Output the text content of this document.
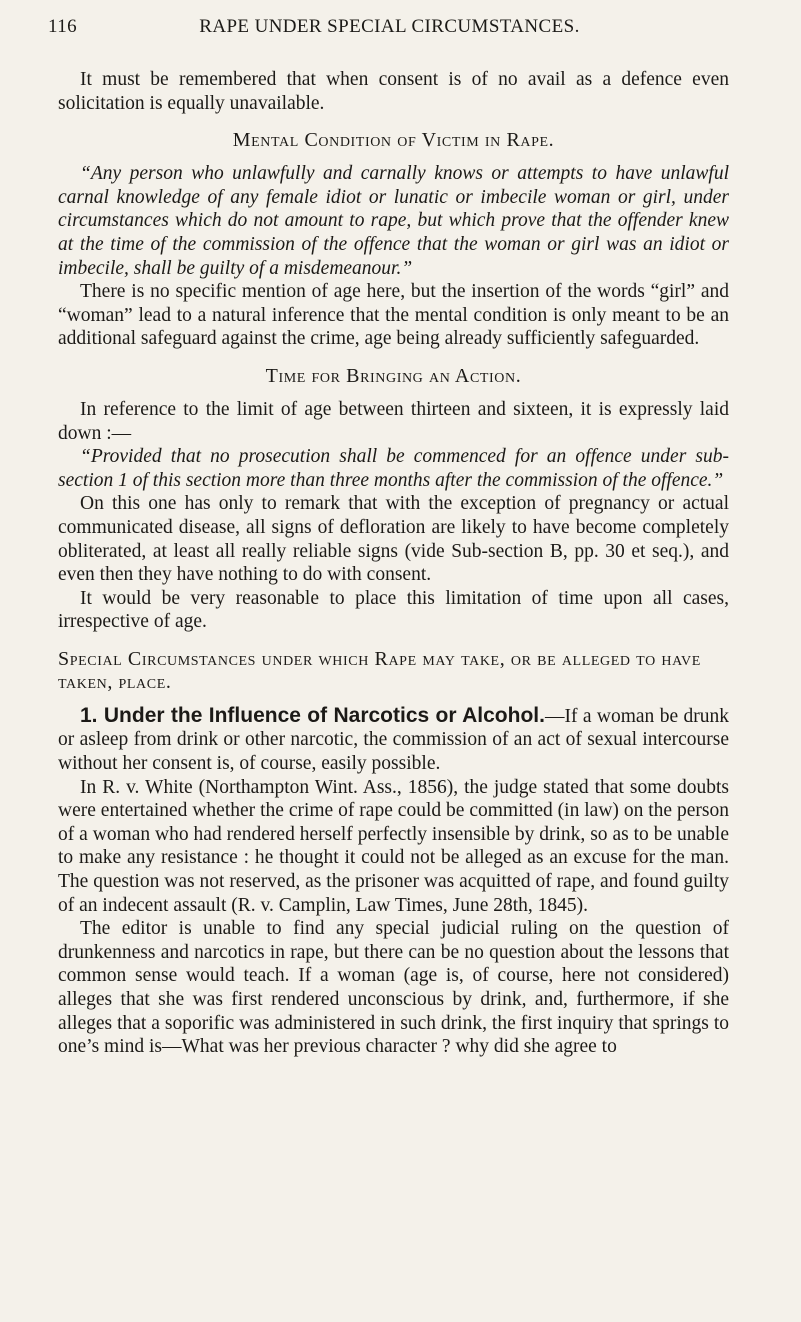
116	RAPE UNDER SPECIAL CIRCUMSTANCES.

It must be remembered that when consent is of no avail as a defence even solicitation is equally unavailable.

Mental Condition of Victim in Rape.

“Any person who unlawfully and carnally knows or attempts to have unlawful carnal knowledge of any female idiot or lunatic or imbecile woman or girl, under circumstances which do not amount to rape, but which prove that the offender knew at the time of the commission of the offence that the woman or girl was an idiot or imbecile, shall be guilty of a misdemeanour.”

There is no specific mention of age here, but the insertion of the words “girl” and “woman” lead to a natural inference that the mental condition is only meant to be an additional safeguard against the crime, age being already sufficiently safeguarded.

Time for Bringing an Action.

In reference to the limit of age between thirteen and sixteen, it is expressly laid down :—

“Provided that no prosecution shall be commenced for an offence under sub-section 1 of this section more than three months after the commission of the offence.”

On this one has only to remark that with the exception of pregnancy or actual communicated disease, all signs of defloration are likely to have become completely obliterated, at least all really reliable signs (vide Sub-section B, pp. 30 et seq.), and even then they have nothing to do with consent.

It would be very reasonable to place this limitation of time upon all cases, irrespective of age.

Special Circumstances under which Rape may take, or be alleged to have taken, place.

1. Under the Influence of Narcotics or Alcohol.—If a woman be drunk or asleep from drink or other narcotic, the commission of an act of sexual intercourse without her consent is, of course, easily possible.

In R. v. White (Northampton Wint. Ass., 1856), the judge stated that some doubts were entertained whether the crime of rape could be committed (in law) on the person of a woman who had rendered herself perfectly insensible by drink, so as to be unable to make any resistance : he thought it could not be alleged as an excuse for the man. The question was not reserved, as the prisoner was acquitted of rape, and found guilty of an indecent assault (R. v. Camplin, Law Times, June 28th, 1845).

The editor is unable to find any special judicial ruling on the question of drunkenness and narcotics in rape, but there can be no question about the lessons that common sense would teach. If a woman (age is, of course, here not considered) alleges that she was first rendered unconscious by drink, and, furthermore, if she alleges that a soporific was administered in such drink, the first inquiry that springs to one’s mind is—What was her previous character ? why did she agree to
